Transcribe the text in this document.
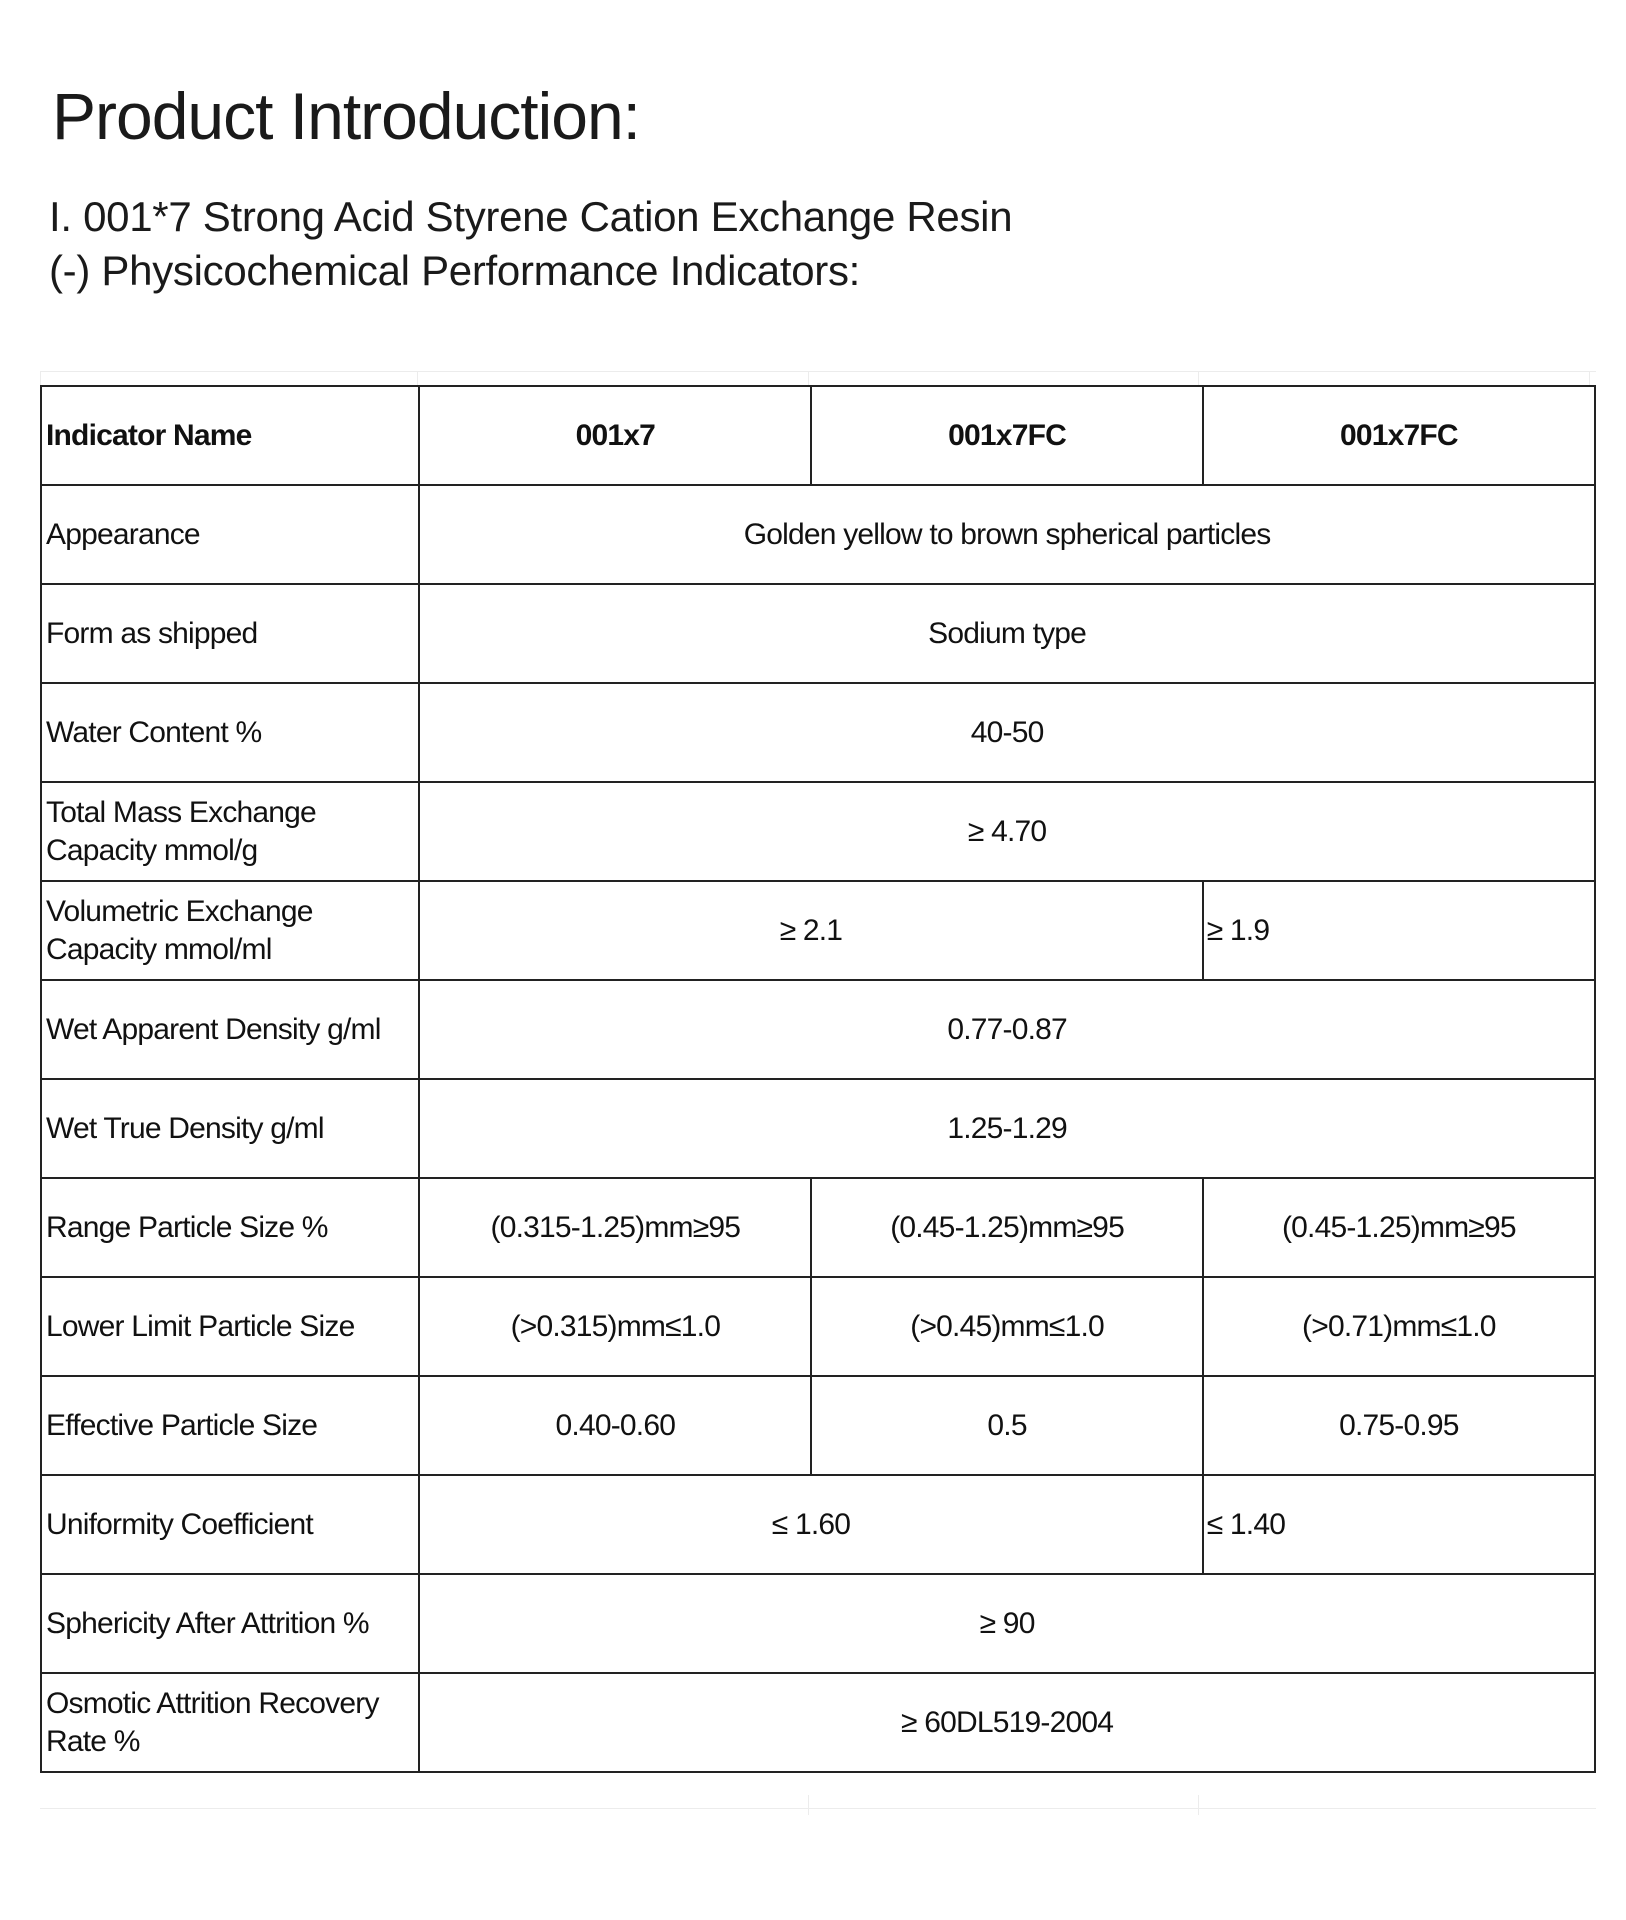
Product Introduction:
I. 001*7 Strong Acid Styrene Cation Exchange Resin
(-) Physicochemical Performance Indicators:
Indicator Name	001x7	001x7FC	001x7FC
Appearance	Golden yellow to brown spherical particles		
Form as shipped	Sodium type		
Water Content %	40-50		
Total Mass Exchange Capacity mmol/g	≥ 4.70		
Volumetric Exchange Capacity mmol/ml	≥ 2.1		≥ 1.9
Wet Apparent Density g/ml	0.77-0.87		
Wet True Density g/ml	1.25-1.29		
Range Particle Size %	(0.315-1.25)mm≥95	(0.45-1.25)mm≥95	(0.45-1.25)mm≥95
Lower Limit Particle Size	(>0.315)mm≤1.0	(>0.45)mm≤1.0	(>0.71)mm≤1.0
Effective Particle Size	0.40-0.60	0.5	0.75-0.95
Uniformity Coefficient	≤ 1.60		≤ 1.40
Sphericity After Attrition %	≥ 90		
Osmotic Attrition Recovery Rate %	≥ 60DL519-2004		
